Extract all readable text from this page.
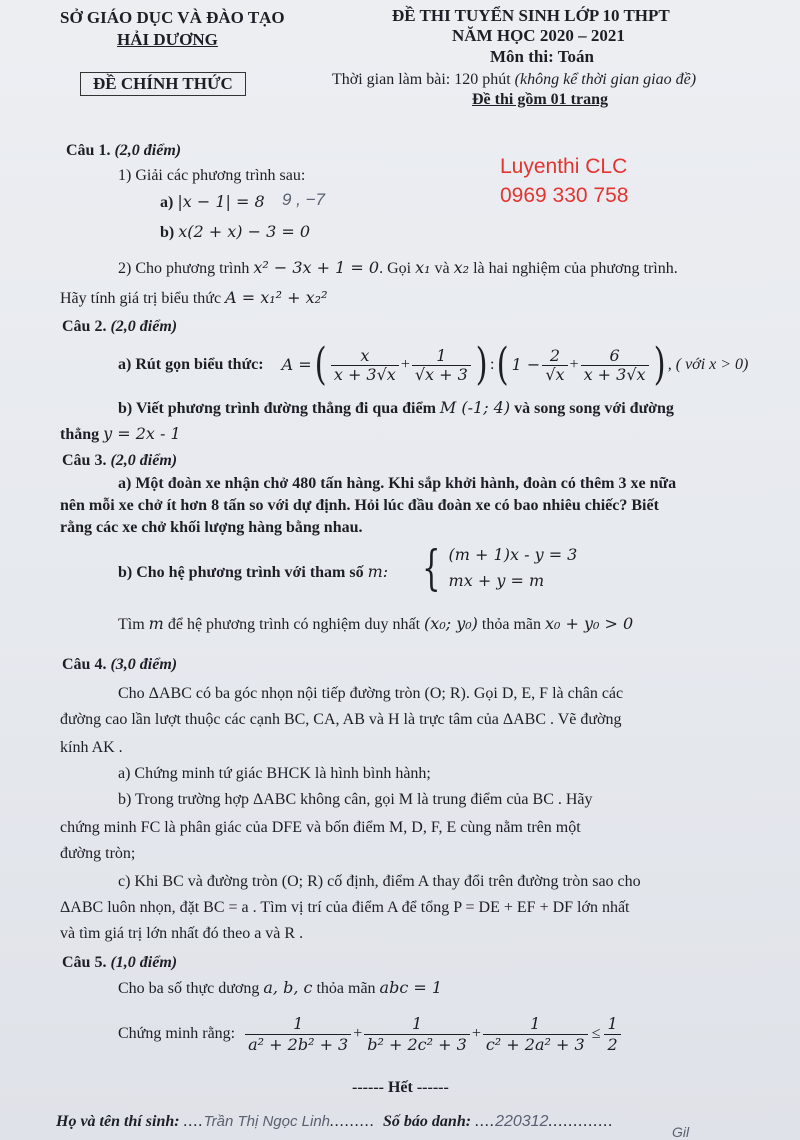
SỞ GIÁO DỤC VÀ ĐÀO TẠO
HẢI DƯƠNG
ĐỀ CHÍNH THỨC
ĐỀ THI TUYỂN SINH LỚP 10 THPT
NĂM HỌC 2020 – 2021
Môn thi: Toán
Thời gian làm bài: 120 phút (không kể thời gian giao đề)
Đề thi gồm 01 trang
Luyenthi CLC
0969 330 758
Câu 1. (2,0 điểm)
1) Giải các phương trình sau:
a) |x − 1| = 8 9 , −7
b) x(2 + x) − 3 = 0
2) Cho phương trình x² − 3x + 1 = 0. Gọi x₁ và x₂ là hai nghiệm của phương trình.
Hãy tính giá trị biểu thức A = x₁² + x₂²
Câu 2. (2,0 điểm)
a) Rút gọn biểu thức: A = ( $\frac{x}{x + 3√x} + \frac{1}{√x + 3}$ ) : ( $1 - \frac{2}{√x} + \frac{6}{x + 3√x}$ ) , ( với x > 0)
b) Viết phương trình đường thẳng đi qua điểm M (-1; 4) và song song với đường
thẳng y = 2x - 1
Câu 3. (2,0 điểm)
a) Một đoàn xe nhận chở 480 tấn hàng. Khi sắp khởi hành, đoàn có thêm 3 xe nữa
nên mỗi xe chở ít hơn 8 tấn so với dự định. Hỏi lúc đầu đoàn xe có bao nhiêu chiếc? Biết
rằng các xe chở khối lượng hàng bằng nhau.
b) Cho hệ phương trình với tham số m: { (m + 1)x - y = 3
mx + y = m
Tìm m để hệ phương trình có nghiệm duy nhất (x₀; y₀) thỏa mãn x₀ + y₀ > 0
Câu 4. (3,0 điểm)
Cho ΔABC có ba góc nhọn nội tiếp đường tròn (O; R). Gọi D, E, F là chân các
đường cao lần lượt thuộc các cạnh BC, CA, AB và H là trực tâm của ΔABC . Vẽ đường
kính AK .
a) Chứng minh tứ giác BHCK là hình bình hành;
b) Trong trường hợp ΔABC không cân, gọi M là trung điểm của BC . Hãy
chứng minh FC là phân giác của DFE và bốn điểm M, D, F, E cùng nằm trên một
đường tròn;
c) Khi BC và đường tròn (O; R) cố định, điểm A thay đổi trên đường tròn sao cho
ΔABC luôn nhọn, đặt BC = a . Tìm vị trí của điểm A để tổng P = DE + EF + DF lớn nhất
và tìm giá trị lớn nhất đó theo a và R .
Câu 5. (1,0 điểm)
Cho ba số thực dương a, b, c thỏa mãn abc = 1
Chứng minh rằng: $\frac{1}{\text{a² + 2b² + 3}} + \frac{1}{\text{b² + 2c² + 3}} + \frac{1}{\text{c² + 2a² + 3}} \le \frac{1}{2}$
------ Hết ------
Họ và tên thí sinh: ....Trần Thị Ngọc Linh......... Số báo danh: ....220312.............
Gil
